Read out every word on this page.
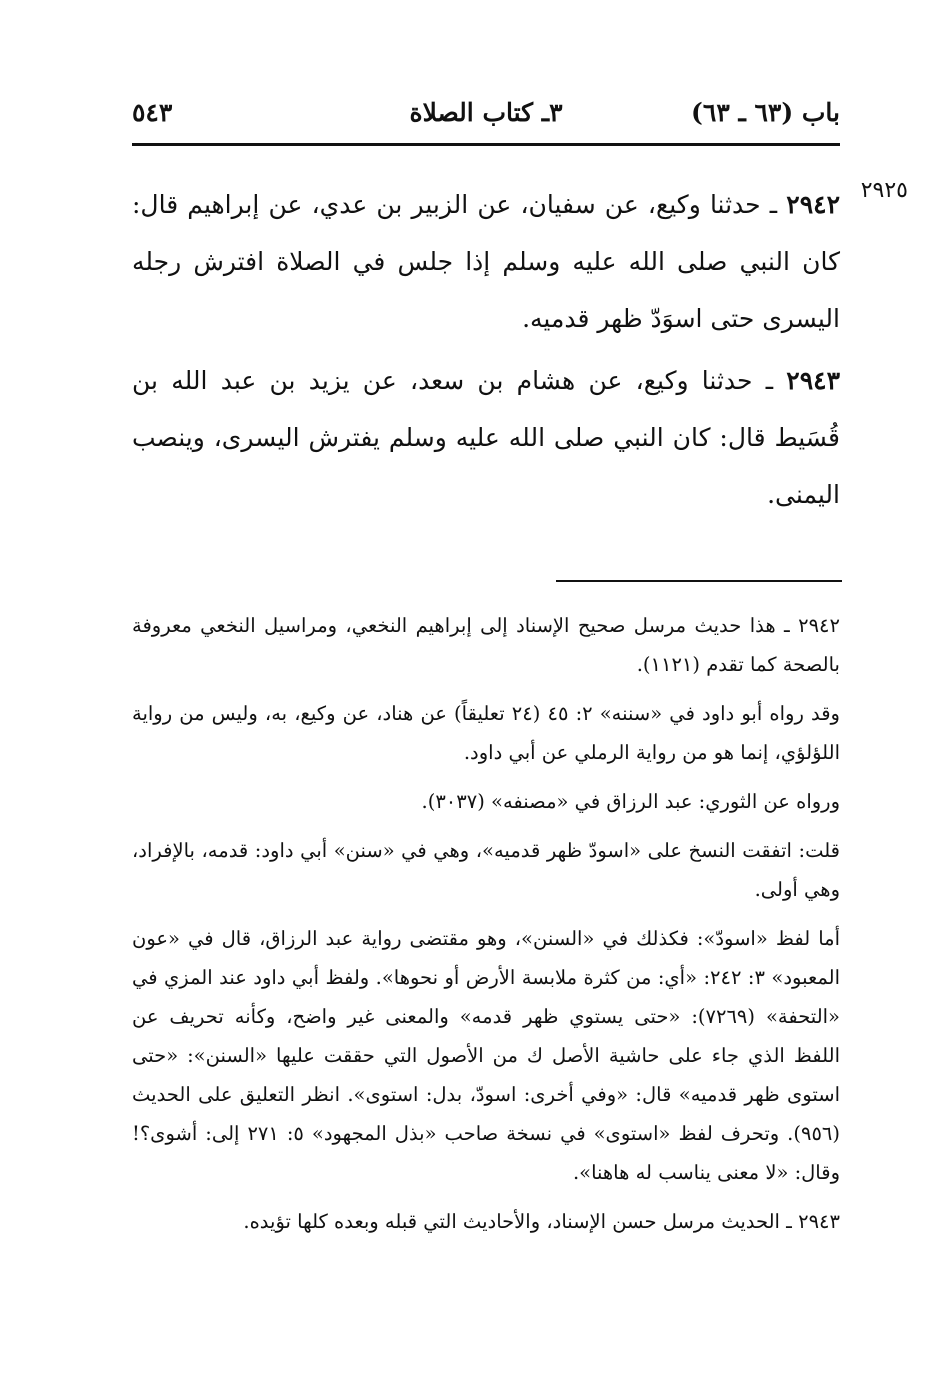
باب (٦٣ ـ ٦٣)
٣ـ كتاب الصلاة
٥٤٣
٢٩٢٥
٢٩٤٢ ـ حدثنا وكيع، عن سفيان، عن الزبير بن عدي، عن إبراهيم قال: كان النبي صلى الله عليه وسلم إذا جلس في الصلاة افترش رجله اليسرى حتى اسوَدّ ظهر قدميه.
٢٩٤٣ ـ حدثنا وكيع، عن هشام بن سعد، عن يزيد بن عبد الله بن قُسَيط قال: كان النبي صلى الله عليه وسلم يفترش اليسرى، وينصب اليمنى.

٢٩٤٢ ـ هذا حديث مرسل صحيح الإسناد إلى إبراهيم النخعي، ومراسيل النخعي معروفة بالصحة كما تقدم (١١٢١).

وقد رواه أبو داود في «سننه» ٢: ٤٥ (٢٤ تعليقاً) عن هناد، عن وكيع، به، وليس من رواية اللؤلؤي، إنما هو من رواية الرملي عن أبي داود.

ورواه عن الثوري: عبد الرزاق في «مصنفه» (٣٠٣٧).

قلت: اتفقت النسخ على «اسودّ ظهر قدميه»، وهي في «سنن» أبي داود: قدمه، بالإفراد، وهي أولى.

أما لفظ «اسودّ»: فكذلك في «السنن»، وهو مقتضى رواية عبد الرزاق، قال في «عون المعبود» ٣: ٢٤٢: «أي: من كثرة ملابسة الأرض أو نحوها». ولفظ أبي داود عند المزي في «التحفة» (٧٢٦٩): «حتى يستوي ظهر قدمه» والمعنى غير واضح، وكأنه تحريف عن اللفظ الذي جاء على حاشية الأصل ك من الأصول التي حققت عليها «السنن»: «حتى استوى ظهر قدميه» قال: «وفي أخرى: اسودّ، بدل: استوى». انظر التعليق على الحديث (٩٥٦). وتحرف لفظ «استوى» في نسخة صاحب «بذل المجهود» ٥: ٢٧١ إلى: أشوى؟! وقال: «لا معنى يناسب له هاهنا».

٢٩٤٣ ـ الحديث مرسل حسن الإسناد، والأحاديث التي قبله وبعده كلها تؤيده.
